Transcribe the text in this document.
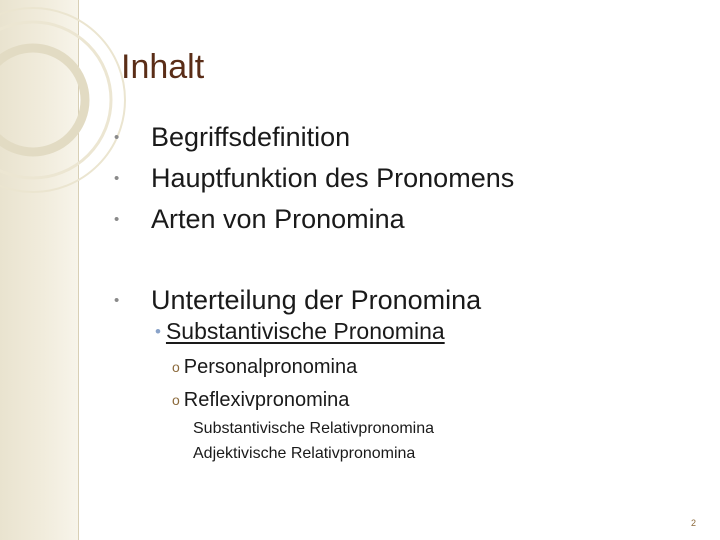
Inhalt
• Begriffsdefinition
• Hauptfunktion des Pronomens
• Arten von Pronomina
• Unterteilung der Pronomina
• Substantivische Pronomina
o Personalpronomina
o Reflexivpronomina
Substantivische Relativpronomina
Adjektivische Relativpronomina
2
